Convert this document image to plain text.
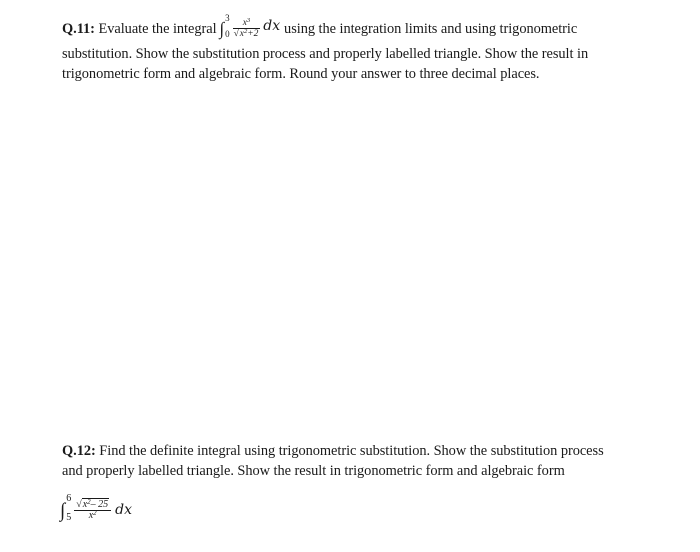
Q.11:
Evaluate the integral ∫
3
$0 \frac{x^3}{√x^2+2}$ dx using the integration limits and using trigonometric
substitution. Show the substitution process and properly labelled triangle. Show the result in
trigonometric form and algebraic form. Round your answer to three decimal places.
Q.12: Find the definite integral using trigonometric substitution. Show the substitution process
and properly labelled triangle. Show the result in trigonometric form and algebraic form
∫
6
$5 \frac{√x^2- 25}{x^2}$ dx
